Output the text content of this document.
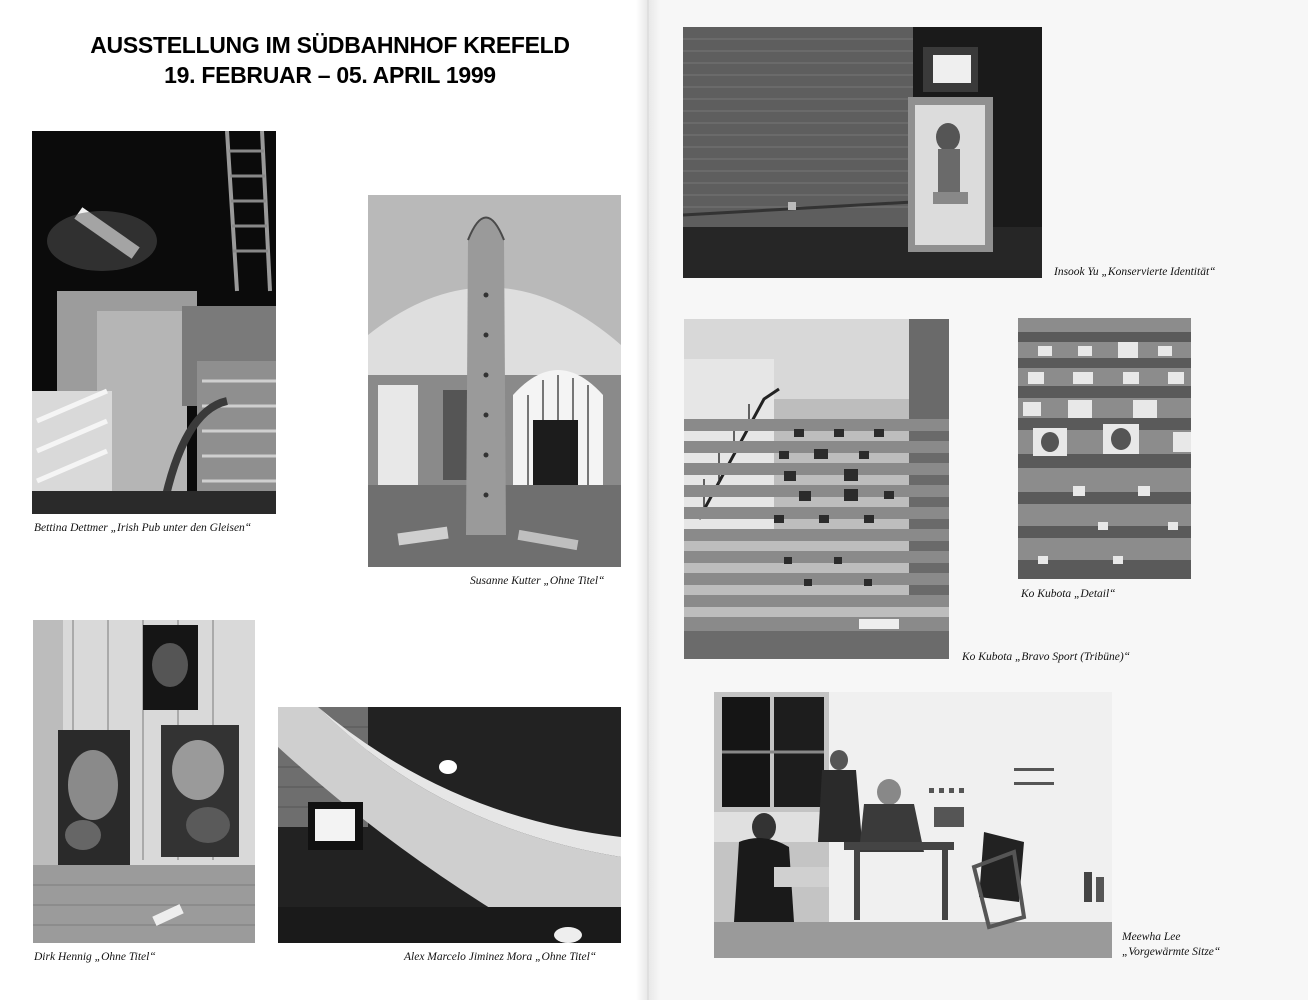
AUSSTELLUNG IM SÜDBAHNHOF KREFELD
19. FEBRUAR – 05. APRIL 1999
Bettina Dettmer „Irish Pub unter den Gleisen“
Susanne Kutter „Ohne Titel“
Dirk Hennig „Ohne Titel“	Alex Marcelo Jiminez Mora „Ohne Titel“
Insook Yu „Konservierte Identität“
Ko Kubota „Bravo Sport (Tribüne)“
Ko Kubota „Detail“
Meewha Lee
„Vorgewärmte Sitze“
